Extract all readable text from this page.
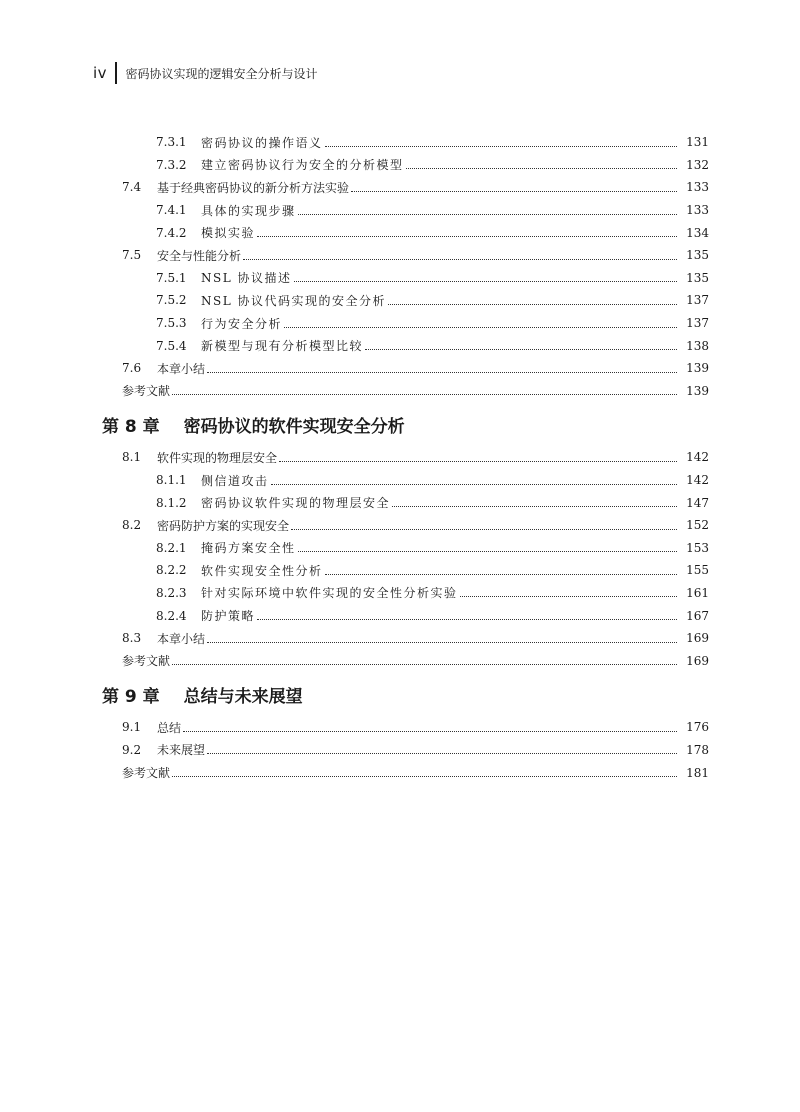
iv 密码协议实现的逻辑安全分析与设计
7.3.1	密码协议的操作语义	131
7.3.2	建立密码协议行为安全的分析模型	132
7.4	基于经典密码协议的新分析方法实验	133
7.4.1	具体的实现步骤	133
7.4.2	模拟实验	134
7.5	安全与性能分析	135
7.5.1	NSL 协议描述	135
7.5.2	NSL 协议代码实现的安全分析	137
7.5.3	行为安全分析	137
7.5.4	新模型与现有分析模型比较	138
7.6	本章小结	139
参考文献	139
第 8 章 密码协议的软件实现安全分析
8.1	软件实现的物理层安全	142
8.1.1	侧信道攻击	142
8.1.2	密码协议软件实现的物理层安全	147
8.2	密码防护方案的实现安全	152
8.2.1	掩码方案安全性	153
8.2.2	软件实现安全性分析	155
8.2.3	针对实际环境中软件实现的安全性分析实验	161
8.2.4	防护策略	167
8.3	本章小结	169
参考文献	169
第 9 章 总结与未来展望
9.1	总结	176
9.2	未来展望	178
参考文献	181
